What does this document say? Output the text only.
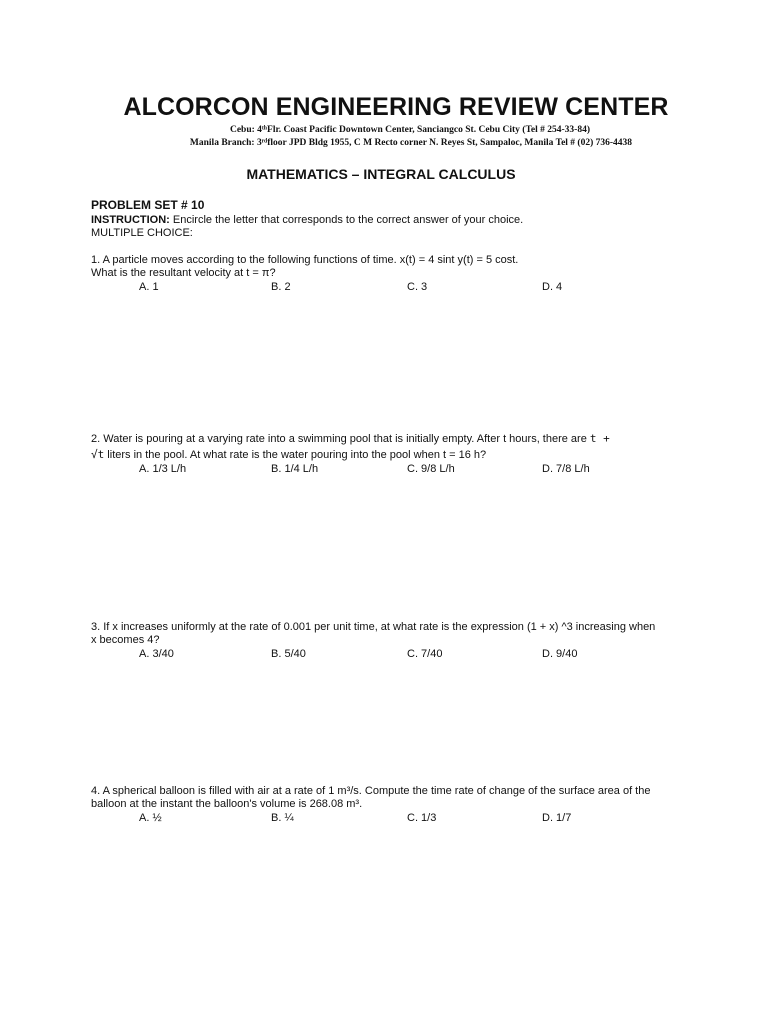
ALCORCON ENGINEERING REVIEW CENTER

Cebu: 4ᵗʰFlr. Coast Pacific Downtown Center, Sanciangco St. Cebu City (Tel # 254-33-84)

Manila Branch: 3ʳᵈfloor JPD Bldg 1955, C M Recto corner N. Reyes St, Sampaloc, Manila Tel # (02) 736-4438

MATHEMATICS – INTEGRAL CALCULUS
PROBLEM SET # 10

INSTRUCTION: Encircle the letter that corresponds to the correct answer of your choice.

MULTIPLE CHOICE:

1. A particle moves according to the following functions of time. x(t) = 4 sint y(t) = 5 cost.

What is the resultant velocity at t = π?

A. 1	B. 2	C. 3	D. 4

2. Water is pouring at a varying rate into a swimming pool that is initially empty. After t hours, there are t +

√t liters in the pool. At what rate is the water pouring into the pool when t = 16 h?

A. 1/3 L/h	B. 1/4 L/h	C. 9/8 L/h	D. 7/8 L/h

3. If x increases uniformly at the rate of 0.001 per unit time, at what rate is the expression (1 + x) ^3 increasing when

x becomes 4?

A. 3/40	B. 5/40	C. 7/40	D. 9/40

4. A spherical balloon is filled with air at a rate of 1 m³/s. Compute the time rate of change of the surface area of the

balloon at the instant the balloon's volume is 268.08 m³.

A. ½	B. ¼	C. 1/3	D. 1/7
